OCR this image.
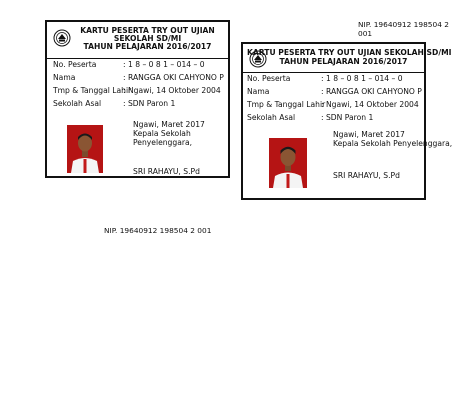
KARTU PESERTA TRY OUT UJIAN
SEKOLAH SD/MI
TAHUN PELAJARAN 2016/2017
No. Peserta	: 1 8 – 0 8 1 – 014 – 0
Nama	: RANGGA OKI CAHYONO P
Tmp & Tanggal Lahir
: Ngawi, 14 Oktober 2004
Sekolah Asal	: SDN Paron 1
Ngawi, Maret 2017
Kepala Sekolah
Penyelenggara,
SRI RAHAYU, S.Pd
KARTU PESERTA TRY OUT UJIAN SEKOLAH SD/MI
TAHUN PELAJARAN 2016/2017
No. Peserta	: 1 8 – 0 8 1 – 014 – 0
Nama	: RANGGA OKI CAHYONO P
Tmp & Tanggal Lahir
: Ngawi, 14 Oktober 2004
Sekolah Asal	: SDN Paron 1
Ngawi, Maret 2017
Kepala Sekolah Penyelenggara,
SRI RAHAYU, S.Pd
NIP. 19640912 198504 2
001
NIP. 19640912 198504 2 001
